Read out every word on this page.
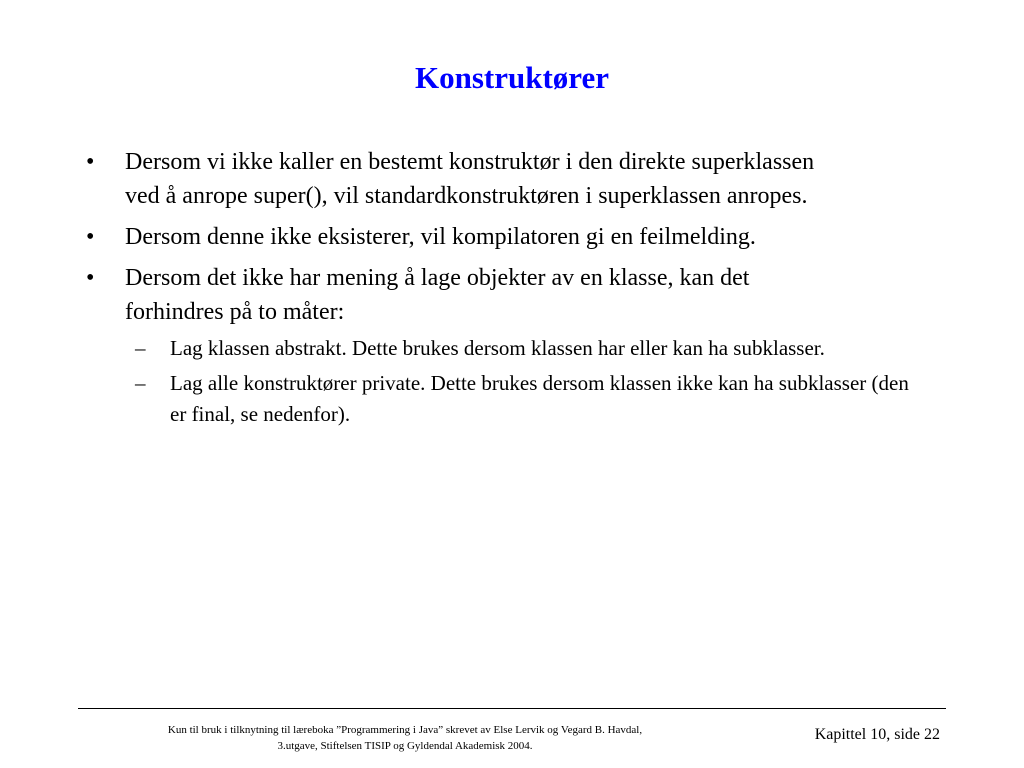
Konstruktører
• Dersom vi ikke kaller en bestemt konstruktør i den direkte superklassen ved å anrope super(), vil standardkonstruktøren i superklassen anropes.
• Dersom denne ikke eksisterer, vil kompilatoren gi en feilmelding.
• Dersom det ikke har mening å lage objekter av en klasse, kan det forhindres på to måter:
– Lag klassen abstrakt. Dette brukes dersom klassen har eller kan ha subklasser.
– Lag alle konstruktører private. Dette brukes dersom klassen ikke kan ha subklasser (den er final, se nedenfor).
Kun til bruk i tilknytning til læreboka ”Programmering i Java” skrevet av Else Lervik og Vegard B. Havdal,
3.utgave, Stiftelsen TISIP og Gyldendal Akademisk 2004.
Kapittel 10, side 22
